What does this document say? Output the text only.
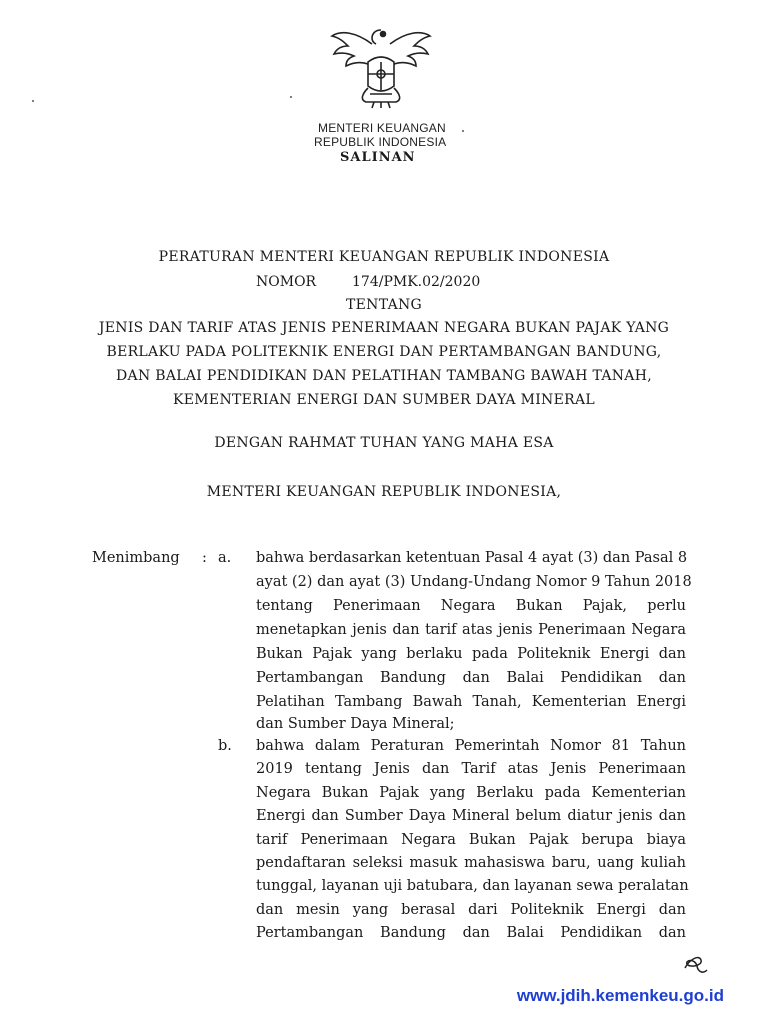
MENTERI KEUANGAN
REPUBLIK INDONESIA
SALINAN
PERATURAN MENTERI KEUANGAN REPUBLIK INDONESIA
NOMOR	174/PMK.02/2020
TENTANG
JENIS DAN TARIF ATAS JENIS PENERIMAAN NEGARA BUKAN PAJAK YANG
BERLAKU PADA POLITEKNIK ENERGI DAN PERTAMBANGAN BANDUNG,
DAN BALAI PENDIDIKAN DAN PELATIHAN TAMBANG BAWAH TANAH,
KEMENTERIAN ENERGI DAN SUMBER DAYA MINERAL
DENGAN RAHMAT TUHAN YANG MAHA ESA
MENTERI KEUANGAN REPUBLIK INDONESIA,
Menimbang : a. bahwa berdasarkan ketentuan Pasal 4 ayat (3) dan Pasal 8
ayat (2) dan ayat (3) Undang-Undang Nomor 9 Tahun 2018
tentang Penerimaan Negara Bukan Pajak, perlu
menetapkan jenis dan tarif atas jenis Penerimaan Negara
Bukan Pajak yang berlaku pada Politeknik Energi dan
Pertambangan Bandung dan Balai Pendidikan dan
Pelatihan Tambang Bawah Tanah, Kementerian Energi
dan Sumber Daya Mineral;
b. bahwa dalam Peraturan Pemerintah Nomor 81 Tahun
2019 tentang Jenis dan Tarif atas Jenis Penerimaan
Negara Bukan Pajak yang Berlaku pada Kementerian
Energi dan Sumber Daya Mineral belum diatur jenis dan
tarif Penerimaan Negara Bukan Pajak berupa biaya
pendaftaran seleksi masuk mahasiswa baru, uang kuliah
tunggal, layanan uji batubara, dan layanan sewa peralatan
dan mesin yang berasal dari Politeknik Energi dan
Pertambangan Bandung dan Balai Pendidikan dan
www.jdih.kemenkeu.go.id
